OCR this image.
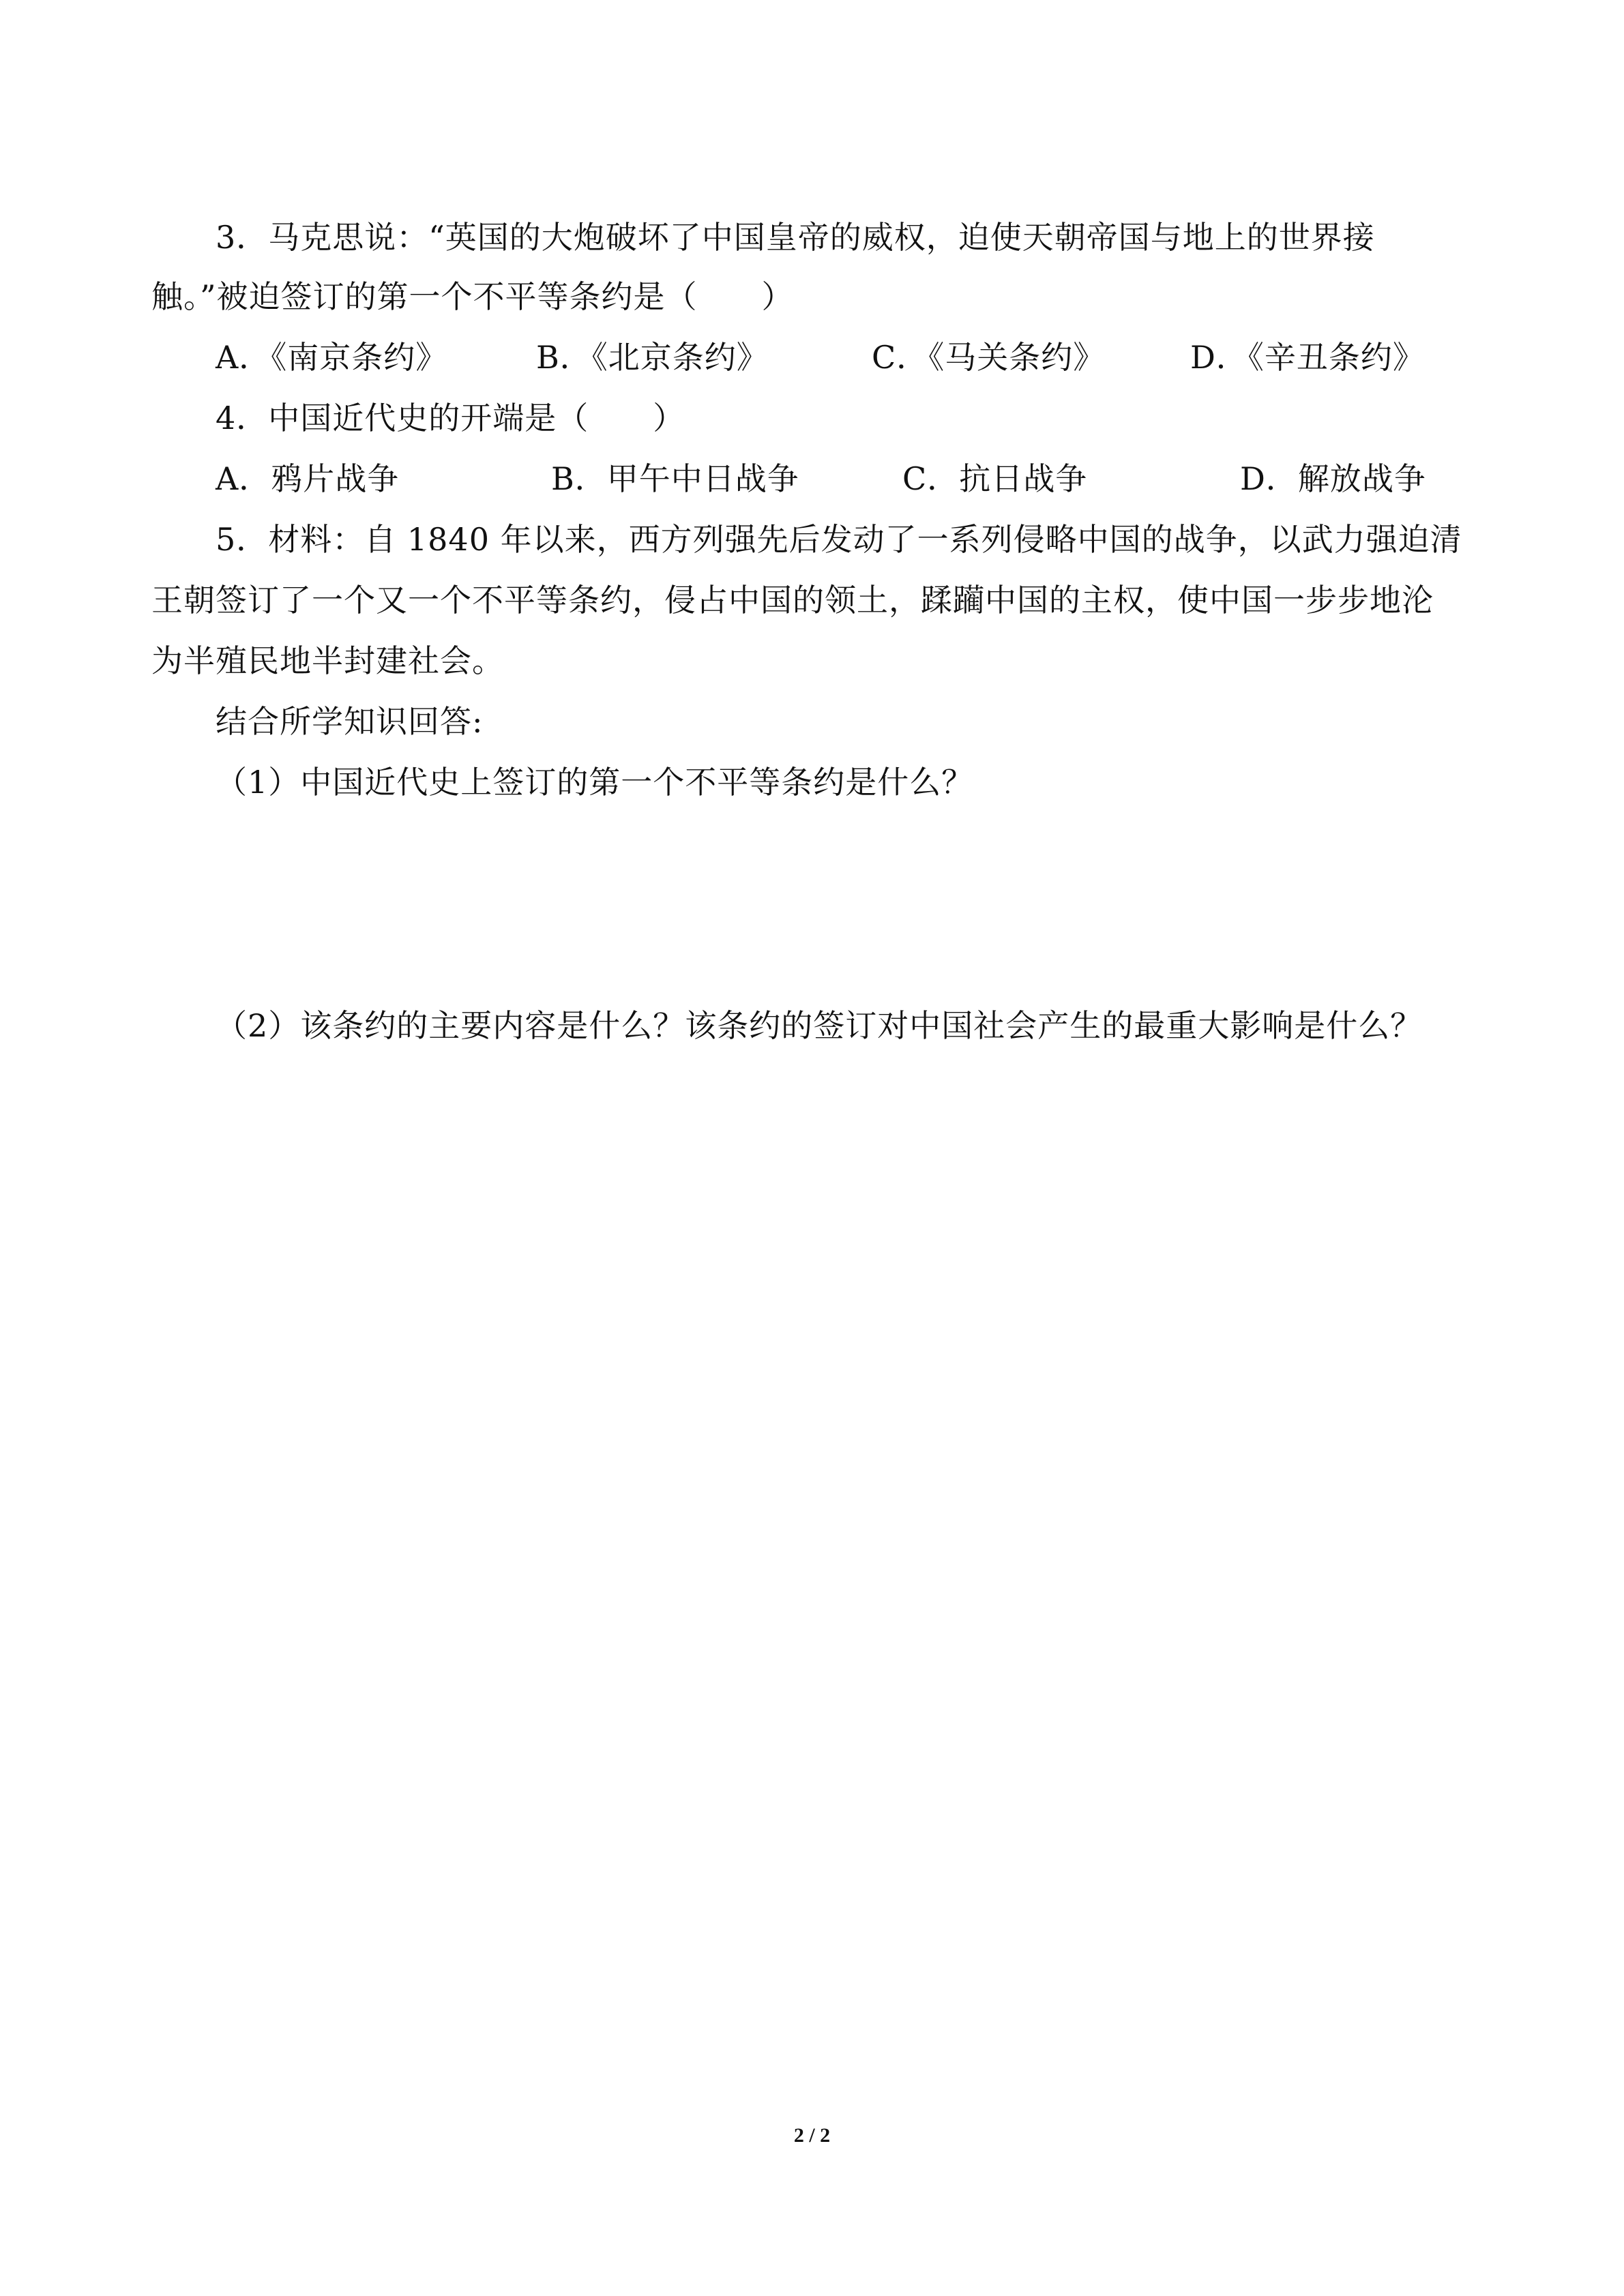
3．马克思说：“英国的大炮破坏了中国皇帝的威权，迫使天朝帝国与地上的世界接
触。”被迫签订的第一个不平等条约是（　　）
A．《南京条约》	B．《北京条约》	C．《马关条约》	D．《辛丑条约》
4．中国近代史的开端是（　　）
A．鸦片战争	B．甲午中日战争	C．抗日战争	D．解放战争
5．材料：自 1840 年以来，西方列强先后发动了一系列侵略中国的战争，以武力强迫清
王朝签订了一个又一个不平等条约，侵占中国的领土，蹂躏中国的主权，使中国一步步地沦
为半殖民地半封建社会。
结合所学知识回答:
（1）中国近代史上签订的第一个不平等条约是什么？
（2）该条约的主要内容是什么？该条约的签订对中国社会产生的最重大影响是什么？
2 / 2
